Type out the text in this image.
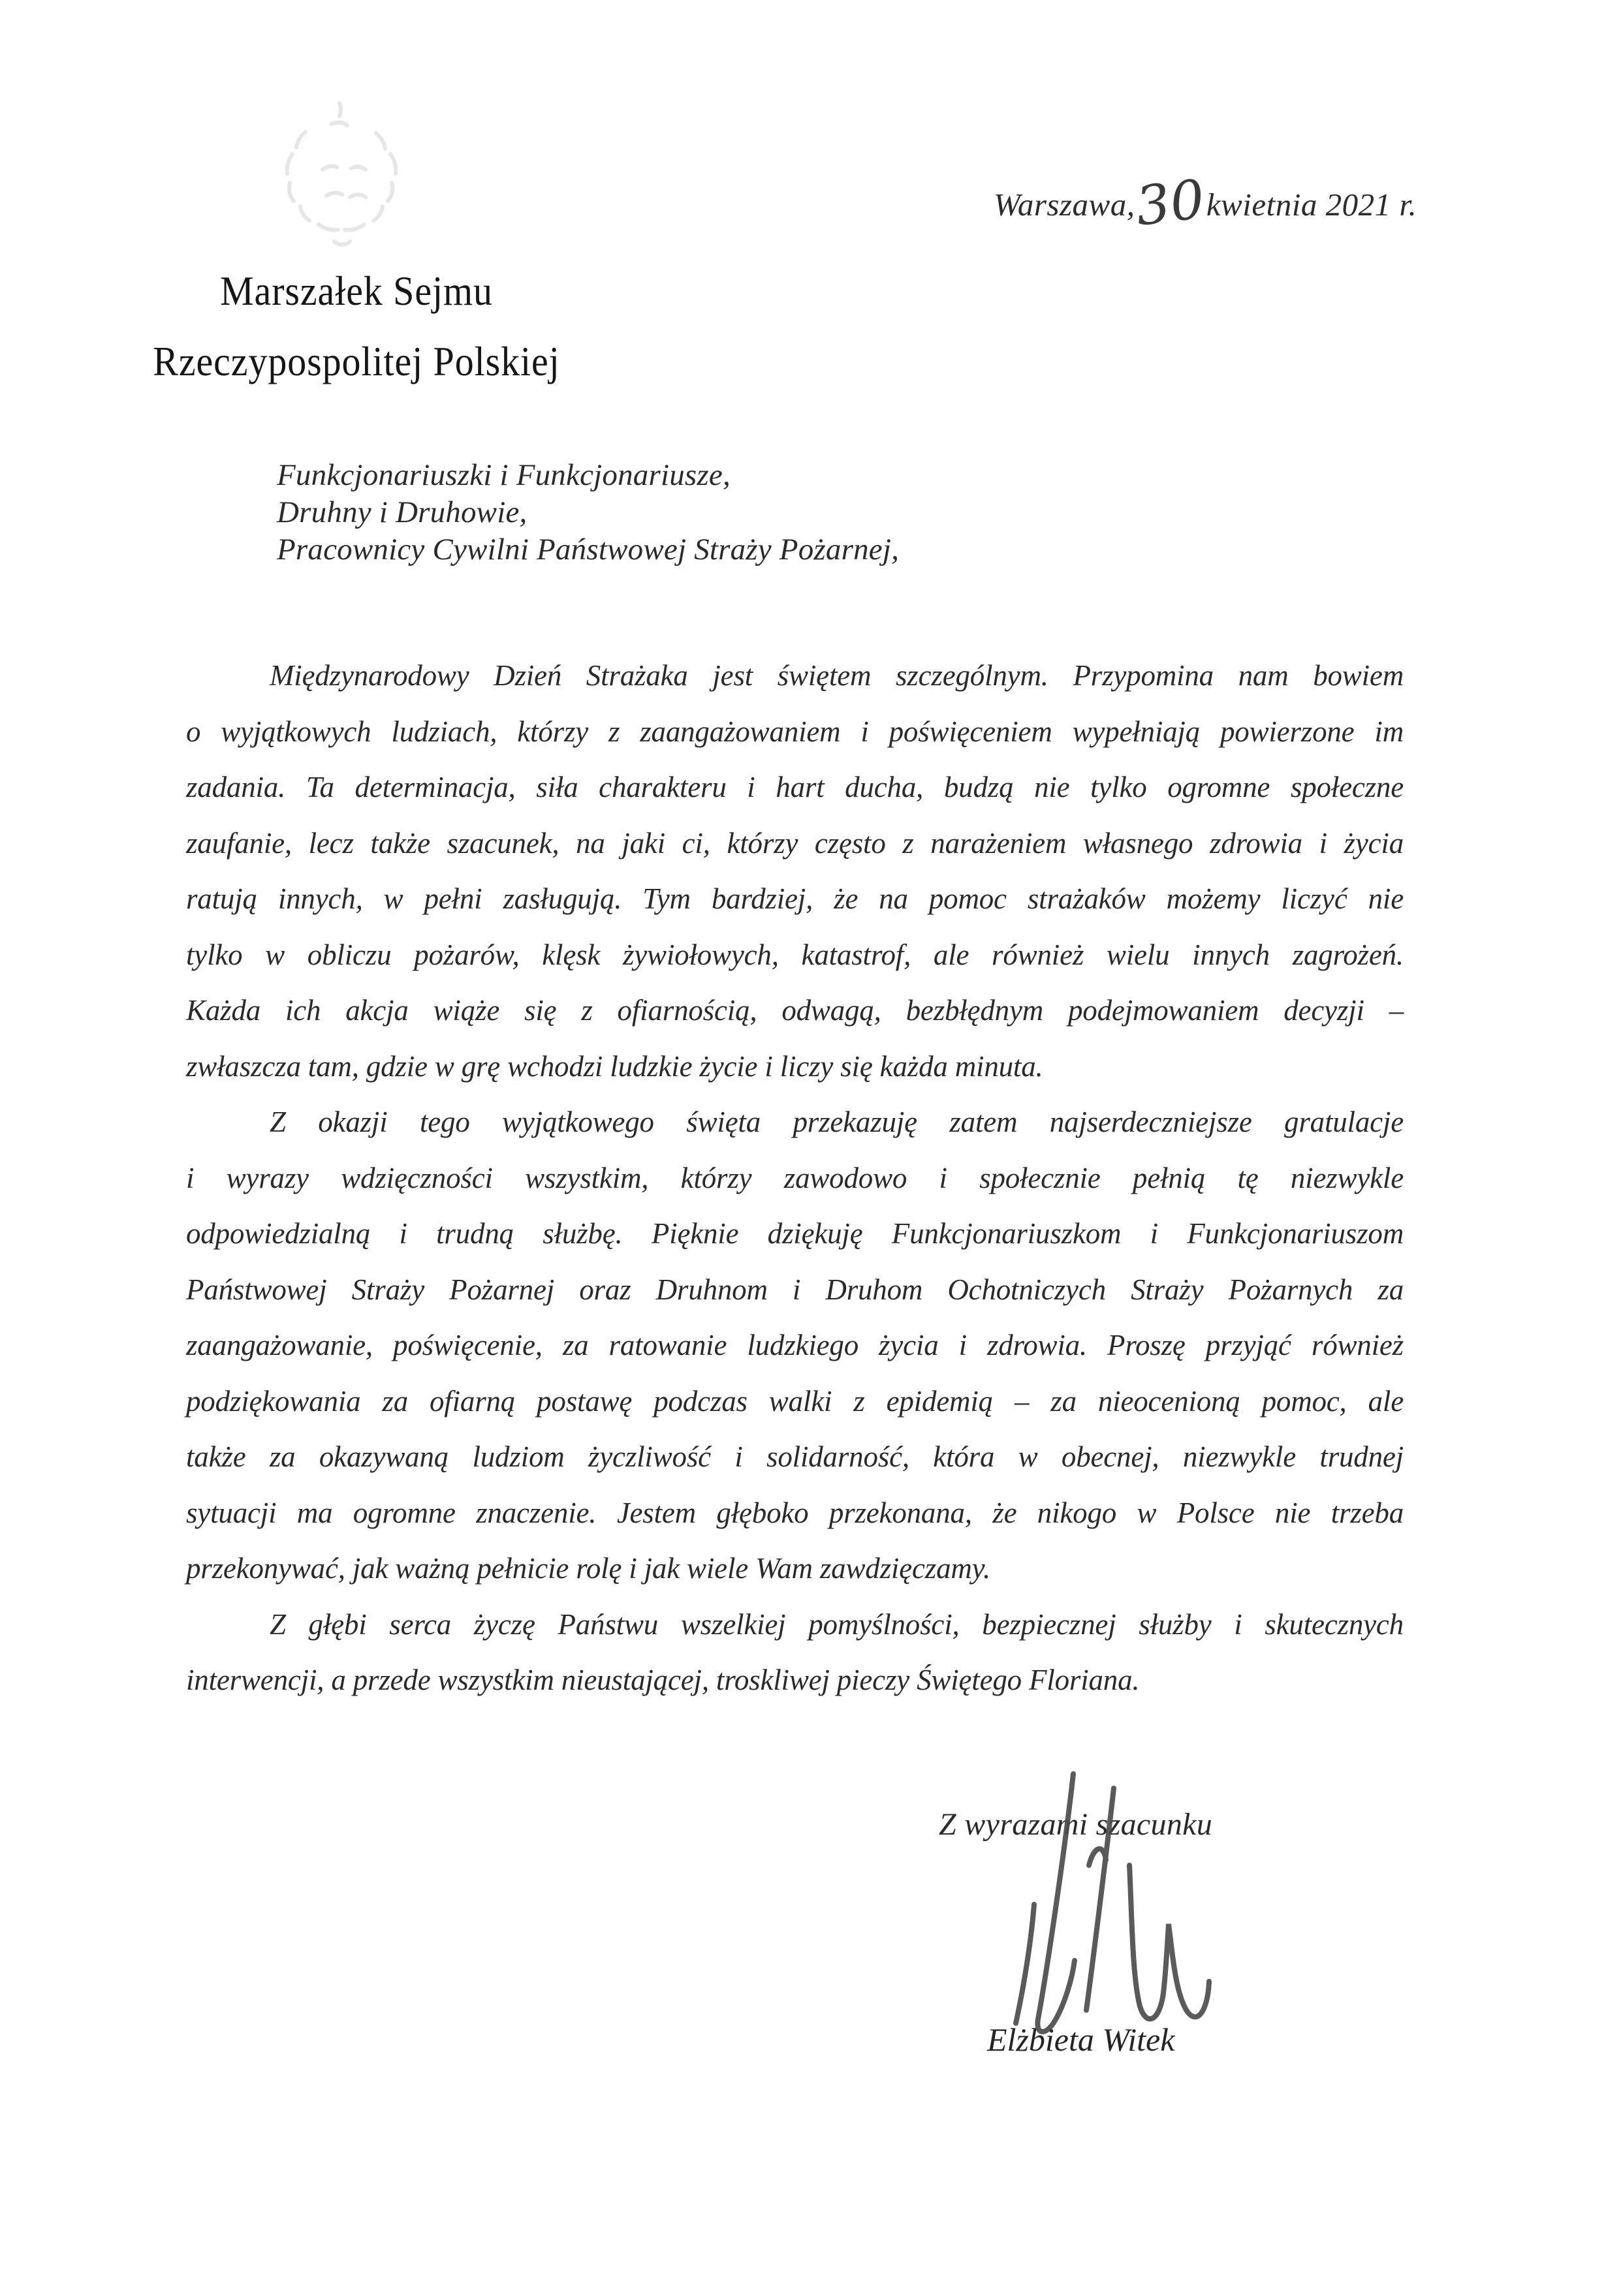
Warszawa,30kwietnia 2021 r.
Marszałek Sejmu
Rzeczypospolitej Polskiej
Funkcjonariuszki i Funkcjonariusze,
Druhny i Druhowie,
Pracownicy Cywilni Państwowej Straży Pożarnej,
Międzynarodowy Dzień Strażaka jest świętem szczególnym. Przypomina nam bowiem
o wyjątkowych ludziach, którzy z zaangażowaniem i poświęceniem wypełniają powierzone im
zadania. Ta determinacja, siła charakteru i hart ducha, budzą nie tylko ogromne społeczne
zaufanie, lecz także szacunek, na jaki ci, którzy często z narażeniem własnego zdrowia i życia
ratują innych, w pełni zasługują. Tym bardziej, że na pomoc strażaków możemy liczyć nie
tylko w obliczu pożarów, klęsk żywiołowych, katastrof, ale również wielu innych zagrożeń.
Każda ich akcja wiąże się z ofiarnością, odwagą, bezbłędnym podejmowaniem decyzji –
zwłaszcza tam, gdzie w grę wchodzi ludzkie życie i liczy się każda minuta.
Z okazji tego wyjątkowego święta przekazuję zatem najserdeczniejsze gratulacje
i wyrazy wdzięczności wszystkim, którzy zawodowo i społecznie pełnią tę niezwykle
odpowiedzialną i trudną służbę. Pięknie dziękuję Funkcjonariuszkom i Funkcjonariuszom
Państwowej Straży Pożarnej oraz Druhnom i Druhom Ochotniczych Straży Pożarnych za
zaangażowanie, poświęcenie, za ratowanie ludzkiego życia i zdrowia. Proszę przyjąć również
podziękowania za ofiarną postawę podczas walki z epidemią – za nieocenioną pomoc, ale
także za okazywaną ludziom życzliwość i solidarność, która w obecnej, niezwykle trudnej
sytuacji ma ogromne znaczenie. Jestem głęboko przekonana, że nikogo w Polsce nie trzeba
przekonywać, jak ważną pełnicie rolę i jak wiele Wam zawdzięczamy.
Z głębi serca życzę Państwu wszelkiej pomyślności, bezpiecznej służby i skutecznych
interwencji, a przede wszystkim nieustającej, troskliwej pieczy Świętego Floriana.
Z wyrazami szacunku
Elżbieta Witek
